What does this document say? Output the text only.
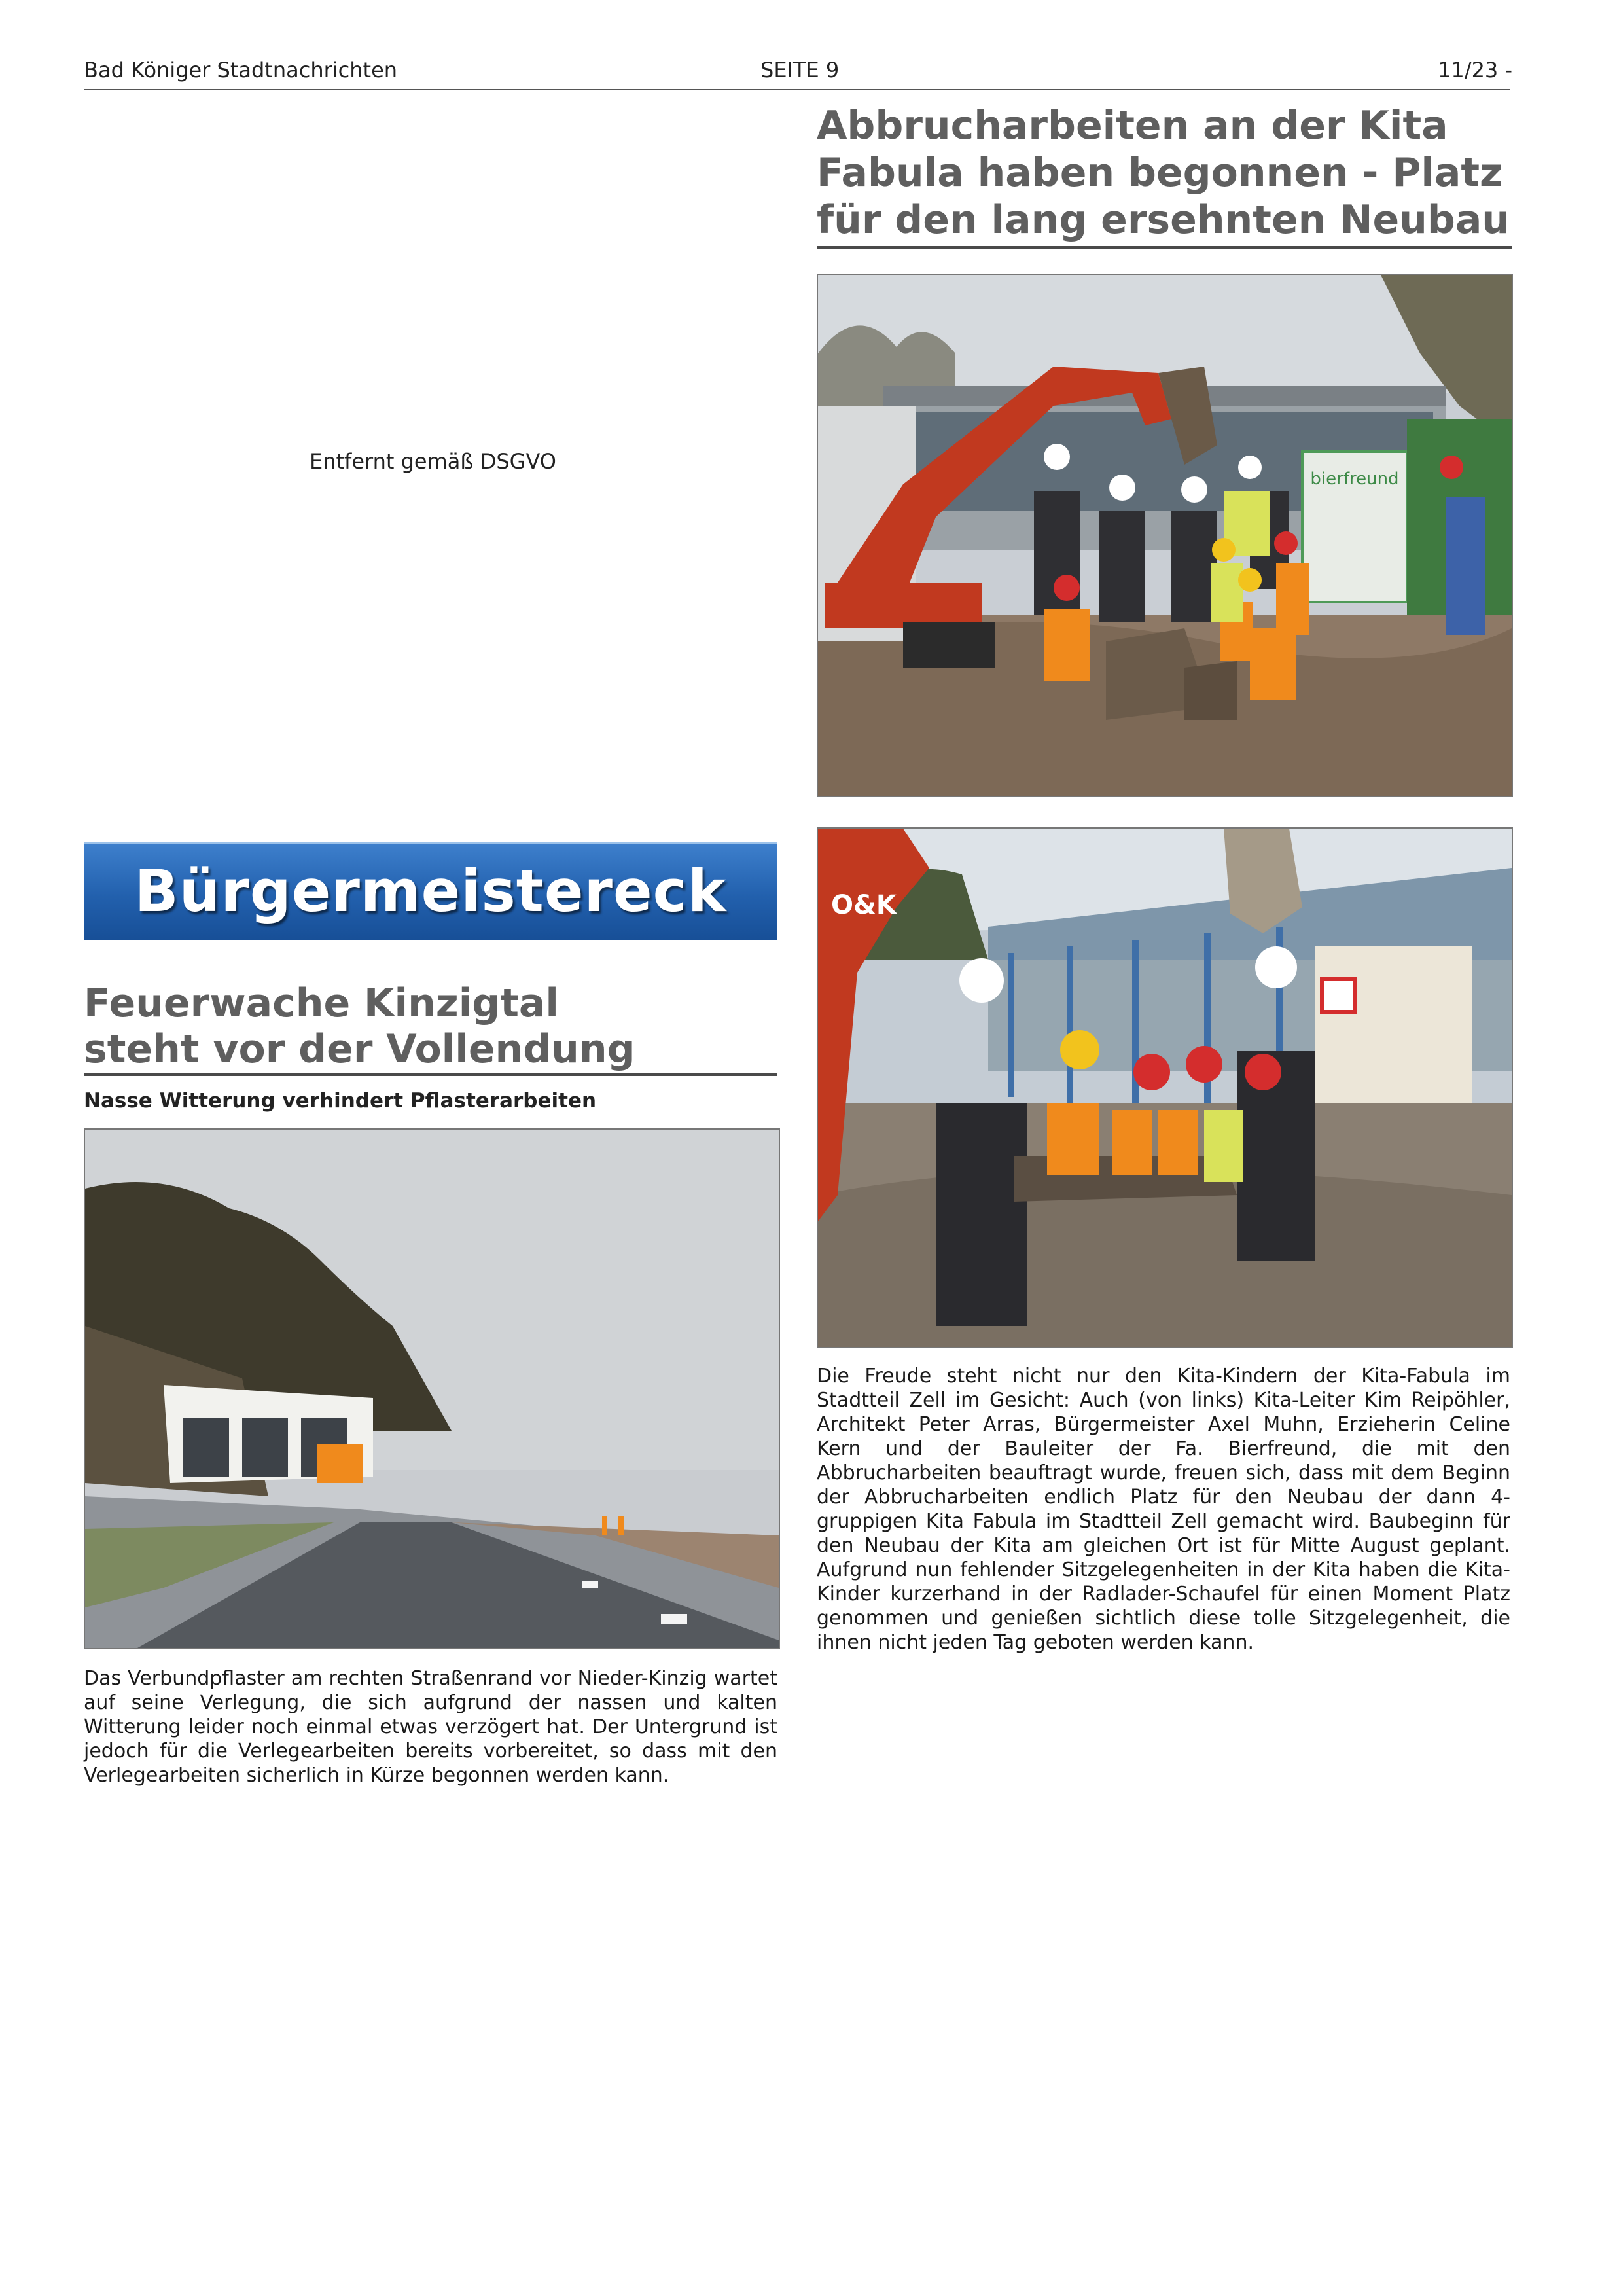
Bad Königer Stadtnachrichten	SEITE 9	11/23 -
Abbrucharbeiten an der Kita
Fabula haben begonnen - Platz
für den lang ersehnten Neubau
Entfernt gemäß DSGVO
bierfreund
O&K

Die Freude steht nicht nur den Kita-Kindern der Kita-Fabula im Stadtteil Zell im Gesicht: Auch (von links) Kita-Leiter Kim Reipöhler, Architekt Peter Arras, Bürgermeister Axel Muhn, Erzieherin Celine Kern und der Bauleiter der Fa. Bierfreund, die mit den Abbrucharbeiten beauftragt wurde, freuen sich, dass mit dem Beginn der Abbrucharbeiten endlich Platz für den Neubau der dann 4-gruppigen Kita Fabula im Stadtteil Zell gemacht wird. Baubeginn für den Neubau der Kita am gleichen Ort ist für Mitte August geplant. Aufgrund nun fehlender Sitzgelegenheiten in der Kita haben die Kita-Kinder kurzerhand in der Radlader-Schaufel für einen Moment Platz genommen und genießen sichtlich diese tolle Sitzgelegenheit, die ihnen nicht jeden Tag geboten werden kann.

Bürgermeistereck
Feuerwache Kinzigtal
steht vor der Vollendung
Nasse Witterung verhindert Pflasterarbeiten

Das Verbundpflaster am rechten Straßenrand vor Nieder-Kinzig wartet auf seine Verlegung, die sich aufgrund der nassen und kalten Witterung leider noch einmal etwas verzögert hat. Der Untergrund ist jedoch für die Verlegearbeiten bereits vorbereitet, so dass mit den Verlegearbeiten sicherlich in Kürze begonnen werden kann.
